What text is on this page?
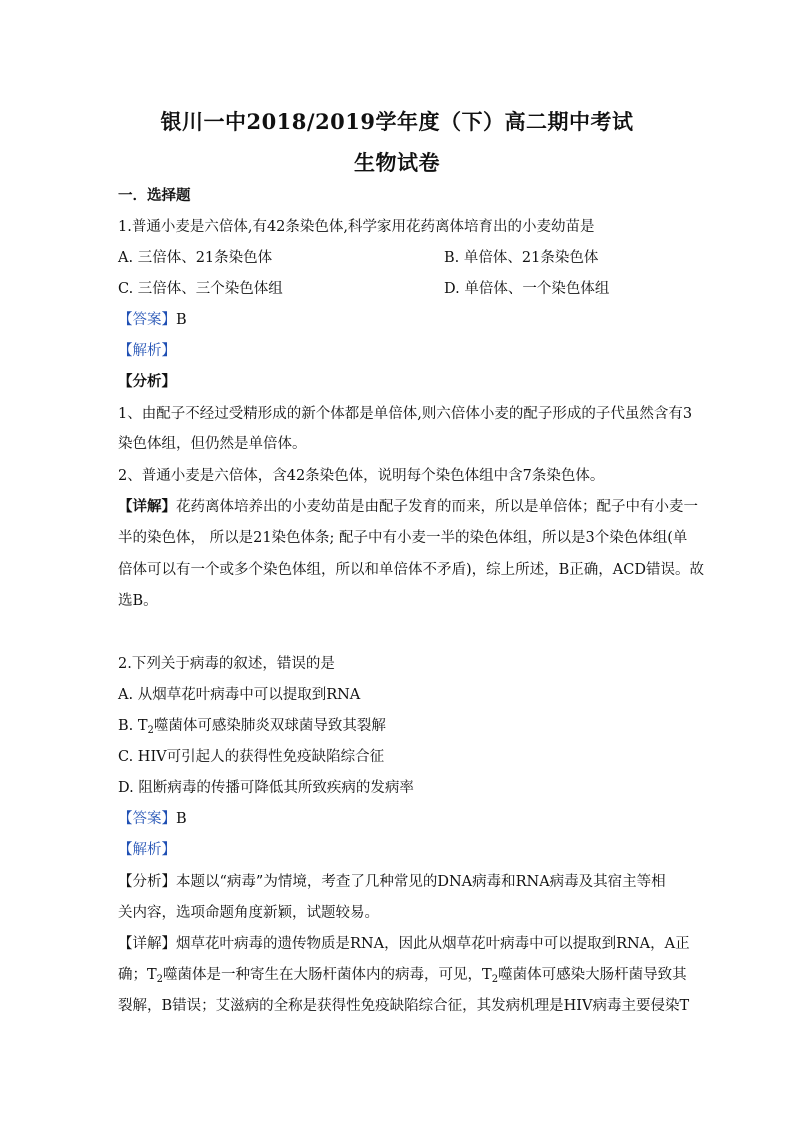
银川一中2018/2019学年度（下）高二期中考试
生物试卷
一．选择题
1.普通小麦是六倍体,有42条染色体,科学家用花药离体培育出的小麦幼苗是
A. 三倍体、21条染色体	B. 单倍体、21条染色体
C. 三倍体、三个染色体组	D. 单倍体、一个染色体组
【答案】B
【解析】
【分析】
1、由配子不经过受精形成的新个体都是单倍体,则六倍体小麦的配子形成的子代虽然含有3
染色体组，但仍然是单倍体。
2、普通小麦是六倍体，含42条染色体，说明每个染色体组中含7条染色体。
【详解】花药离体培养出的小麦幼苗是由配子发育的而来，所以是单倍体；配子中有小麦一
半的染色体， 所以是21染色体条; 配子中有小麦一半的染色体组，所以是3个染色体组(单
倍体可以有一个或多个染色体组，所以和单倍体不矛盾)，综上所述，B正确，ACD错误。故
选B。
2.下列关于病毒的叙述，错误的是
A. 从烟草花叶病毒中可以提取到RNA
B. $T_2$噬菌体可感染肺炎双球菌导致其裂解
C. HIV可引起人的获得性免疫缺陷综合征
D. 阻断病毒的传播可降低其所致疾病的发病率
【答案】B
【解析】
【分析】本题以“病毒”为情境，考查了几种常见的DNA病毒和RNA病毒及其宿主等相
关内容，选项命题角度新颖，试题较易。
【详解】烟草花叶病毒的遗传物质是RNA，因此从烟草花叶病毒中可以提取到RNA，A正
确；$T_2$噬菌体是一种寄生在大肠杆菌体内的病毒，可见，$T_2$噬菌体可感染大肠杆菌导致其
裂解，B错误；艾滋病的全称是获得性免疫缺陷综合征，其发病机理是HIV病毒主要侵染T
